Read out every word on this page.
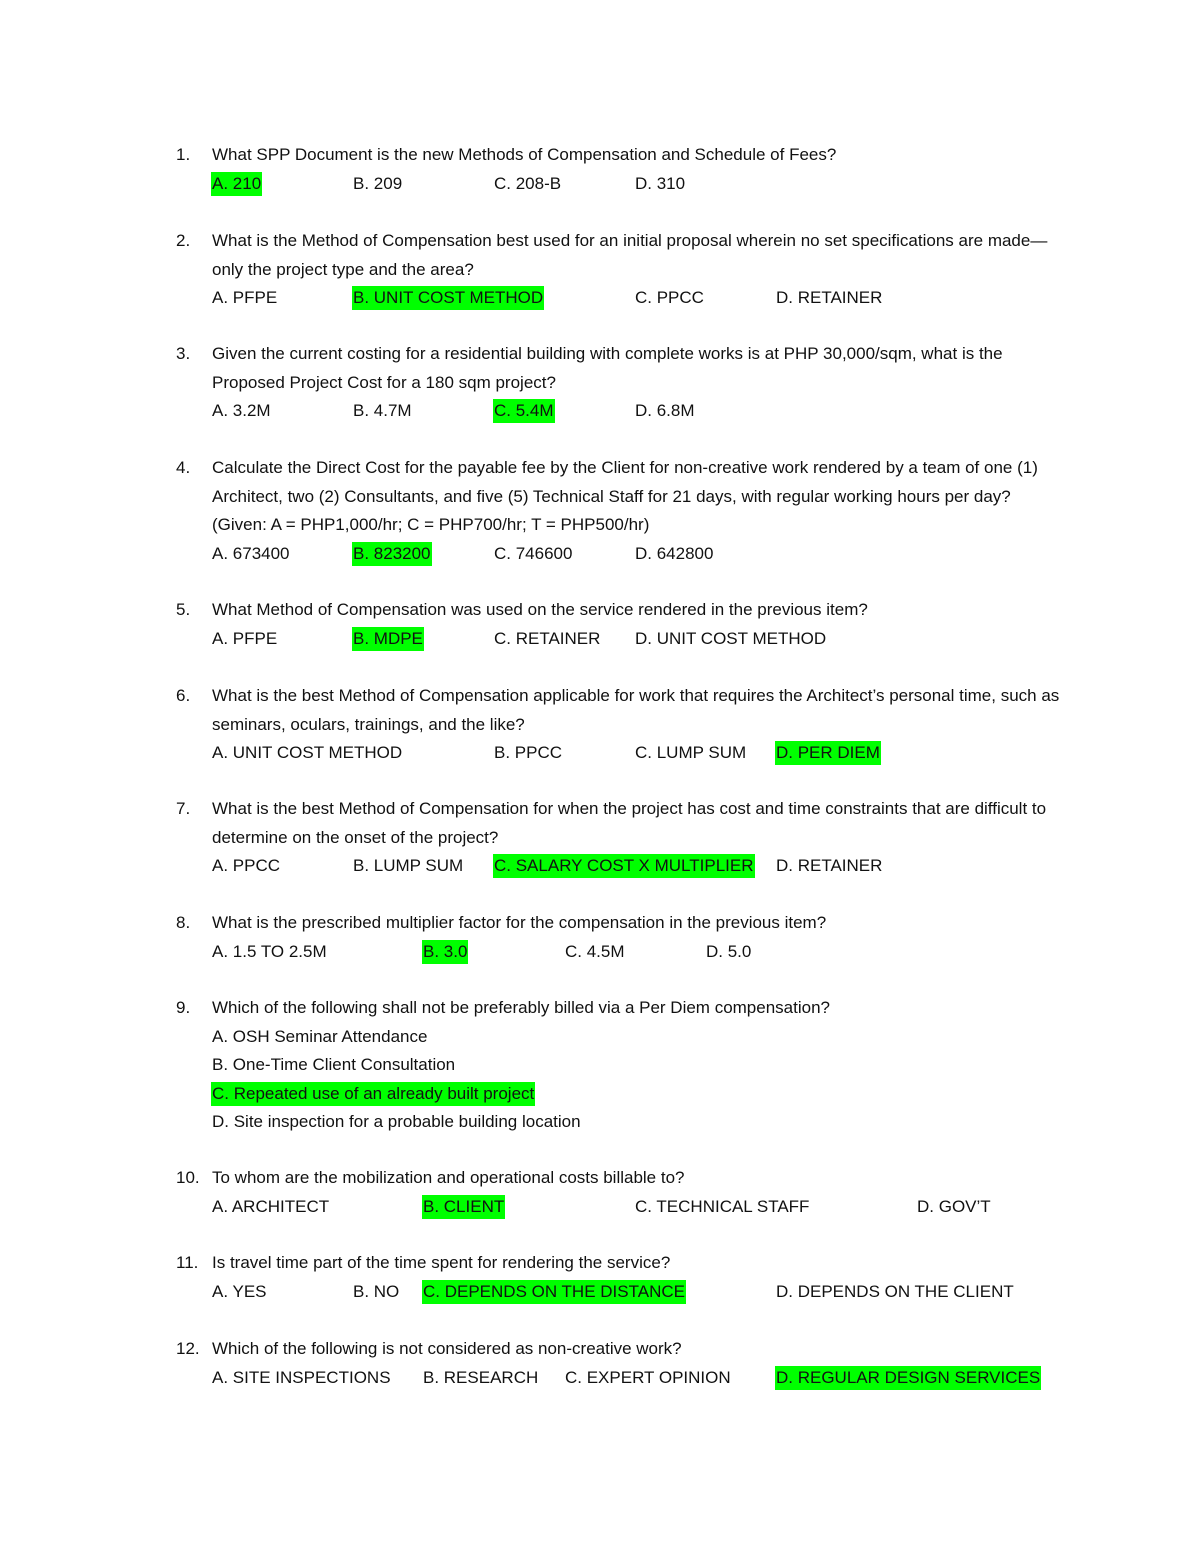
1. What SPP Document is the new Methods of Compensation and Schedule of Fees?
A. 210	B. 209	C. 208-B	D. 310
2. What is the Method of Compensation best used for an initial proposal wherein no set specifications are made—only the project type and the area?
A. PFPE	B. UNIT COST METHOD	C. PPCC	D. RETAINER
3. Given the current costing for a residential building with complete works is at PHP 30,000/sqm, what is the Proposed Project Cost for a 180 sqm project?
A. 3.2M	B. 4.7M	C. 5.4M	D. 6.8M
4. Calculate the Direct Cost for the payable fee by the Client for non-creative work rendered by a team of one (1) Architect, two (2) Consultants, and five (5) Technical Staff for 21 days, with regular working hours per day? (Given: A = PHP1,000/hr; C = PHP700/hr; T = PHP500/hr)
A. 673400	B. 823200	C. 746600	D. 642800
5. What Method of Compensation was used on the service rendered in the previous item?
A. PFPE	B. MDPE	C. RETAINER D. UNIT COST METHOD
6. What is the best Method of Compensation applicable for work that requires the Architect’s personal time, such as seminars, oculars, trainings, and the like?
A. UNIT COST METHOD	B. PPCC	C. LUMP SUM D. PER DIEM
7. What is the best Method of Compensation for when the project has cost and time constraints that are difficult to determine on the onset of the project?
A. PPCC	B. LUMP SUM C. SALARY COST X MULTIPLIER D. RETAINER
8. What is the prescribed multiplier factor for the compensation in the previous item?
A. 1.5 TO 2.5M	B. 3.0	C. 4.5M	D. 5.0
9. Which of the following shall not be preferably billed via a Per Diem compensation?
A. OSH Seminar Attendance
B. One-Time Client Consultation
C. Repeated use of an already built project
D. Site inspection for a probable building location
10. To whom are the mobilization and operational costs billable to?
A. ARCHITECT	B. CLIENT	C. TECHNICAL STAFF	D. GOV’T
11. Is travel time part of the time spent for rendering the service?
A. YES	B. NO C. DEPENDS ON THE DISTANCE	D. DEPENDS ON THE CLIENT
12. Which of the following is not considered as non-creative work?
A. SITE INSPECTIONS B. RESEARCH C. EXPERT OPINION	D. REGULAR DESIGN SERVICES
